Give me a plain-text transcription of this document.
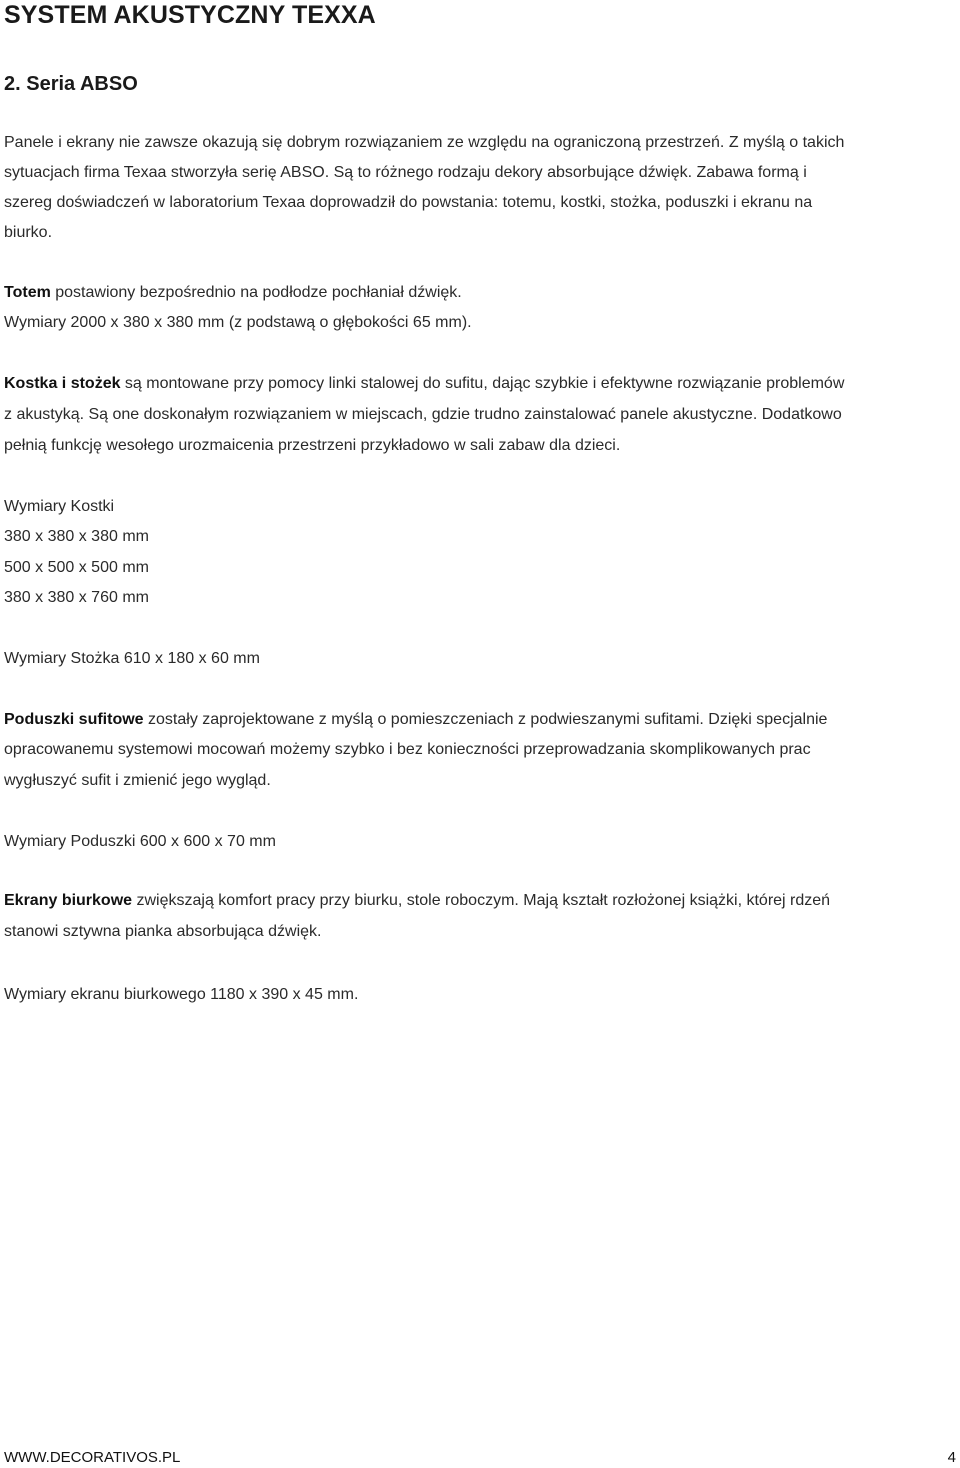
SYSTEM AKUSTYCZNY TEXXA
2. Seria ABSO
Panele i ekrany nie zawsze okazują się dobrym rozwiązaniem ze względu na ograniczoną przestrzeń. Z myślą o takich
sytuacjach firma Texaa stworzyła serię ABSO. Są to różnego rodzaju dekory absorbujące dźwięk. Zabawa formą i
szereg doświadczeń w laboratorium Texaa doprowadził do powstania: totemu, kostki, stożka, poduszki i ekranu na
biurko.
Totem postawiony bezpośrednio na podłodze pochłaniał dźwięk.
Wymiary 2000 x 380 x 380 mm (z podstawą o głębokości 65 mm).
Kostka i stożek są montowane przy pomocy linki stalowej do sufitu, dając szybkie i efektywne rozwiązanie problemów
z akustyką. Są one doskonałym rozwiązaniem w miejscach, gdzie trudno zainstalować panele akustyczne. Dodatkowo
pełnią funkcję wesołego urozmaicenia przestrzeni przykładowo w sali zabaw dla dzieci.
Wymiary Kostki
380 x 380 x 380 mm
500 x 500 x 500 mm
380 x 380 x 760 mm
Wymiary Stożka 610 x 180 x 60 mm
Poduszki sufitowe zostały zaprojektowane z myślą o pomieszczeniach z podwieszanymi sufitami. Dzięki specjalnie
opracowanemu systemowi mocowań możemy szybko i bez konieczności przeprowadzania skomplikowanych prac
wygłuszyć sufit i zmienić jego wygląd.
Wymiary Poduszki 600 x 600 x 70 mm
Ekrany biurkowe zwiększają komfort pracy przy biurku, stole roboczym. Mają kształt rozłożonej książki, której rdzeń
stanowi sztywna pianka absorbująca dźwięk.
Wymiary ekranu biurkowego 1180 x 390 x 45 mm.
WWW.DECORATIVOS.PL	4
